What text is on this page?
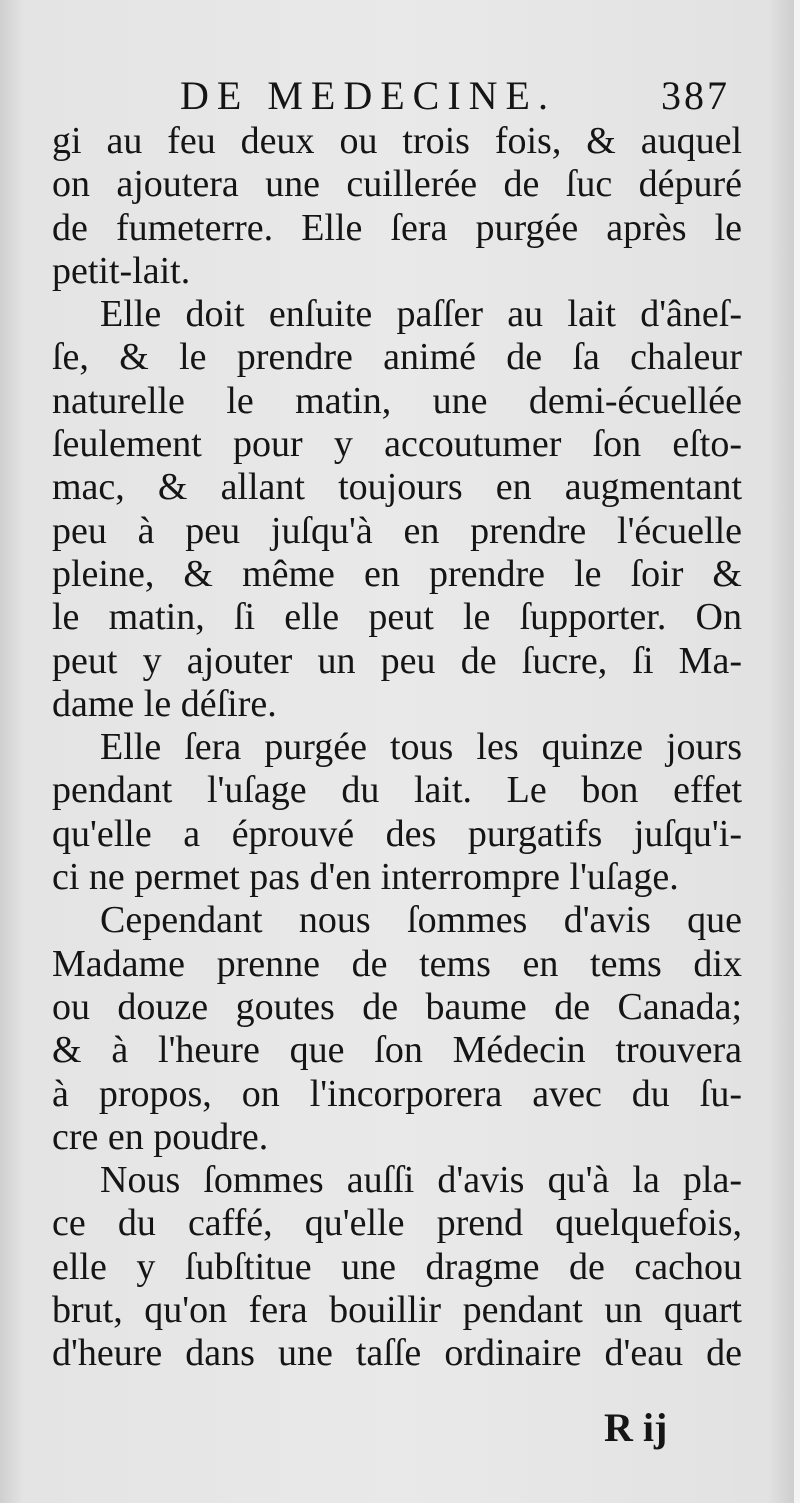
DE MEDECINE.	387
gi au feu deux ou trois fois, & auquel
on ajoutera une cuillerée de ſuc dépuré
de fumeterre. Elle ſera purgée après le
petit-lait.
Elle doit enſuite paſſer au lait d'âneſ-
ſe, & le prendre animé de ſa chaleur
naturelle le matin, une demi-écuellée
ſeulement pour y accoutumer ſon eſto-
mac, & allant toujours en augmentant
peu à peu juſqu'à en prendre l'écuelle
pleine, & même en prendre le ſoir &
le matin, ſi elle peut le ſupporter. On
peut y ajouter un peu de ſucre, ſi Ma-
dame le déſire.
Elle ſera purgée tous les quinze jours
pendant l'uſage du lait. Le bon effet
qu'elle a éprouvé des purgatifs juſqu'i-
ci ne permet pas d'en interrompre l'uſage.
Cependant nous ſommes d'avis que
Madame prenne de tems en tems dix
ou douze goutes de baume de Canada;
& à l'heure que ſon Médecin trouvera
à propos, on l'incorporera avec du ſu-
cre en poudre.
Nous ſommes auſſi d'avis qu'à la pla-
ce du caffé, qu'elle prend quelquefois,
elle y ſubſtitue une dragme de cachou
brut, qu'on fera bouillir pendant un quart
d'heure dans une taſſe ordinaire d'eau de
R ij
